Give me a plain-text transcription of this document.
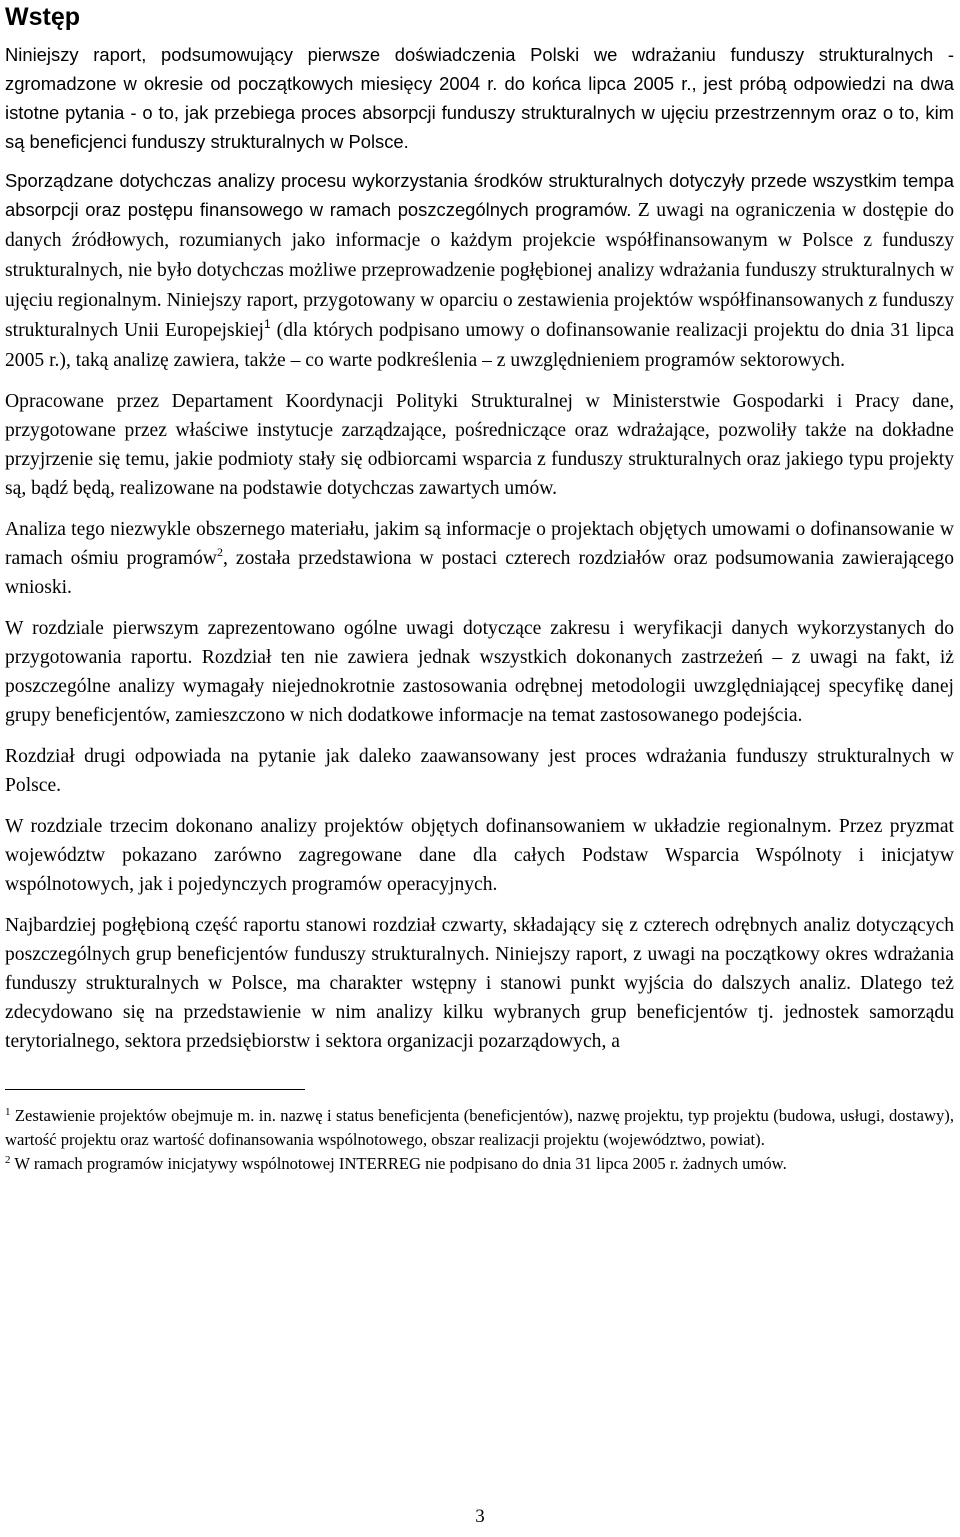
Wstęp

Niniejszy raport, podsumowujący pierwsze doświadczenia Polski we wdrażaniu funduszy strukturalnych - zgromadzone w okresie od początkowych miesięcy 2004 r. do końca lipca 2005 r., jest próbą odpowiedzi na dwa istotne pytania - o to, jak przebiega proces absorpcji funduszy strukturalnych w ujęciu przestrzennym oraz o to, kim są beneficjenci funduszy strukturalnych w Polsce.

Sporządzane dotychczas analizy procesu wykorzystania środków strukturalnych dotyczyły przede wszystkim tempa absorpcji oraz postępu finansowego w ramach poszczególnych programów. Z uwagi na ograniczenia w dostępie do danych źródłowych, rozumianych jako informacje o każdym projekcie współfinansowanym w Polsce z funduszy strukturalnych, nie było dotychczas możliwe przeprowadzenie pogłębionej analizy wdrażania funduszy strukturalnych w ujęciu regionalnym. Niniejszy raport, przygotowany w oparciu o zestawienia projektów współfinansowanych z funduszy strukturalnych Unii Europejskiej$^1$ (dla których podpisano umowy o dofinansowanie realizacji projektu do dnia 31 lipca 2005 r.), taką analizę zawiera, także – co warte podkreślenia – z uwzględnieniem programów sektorowych.

Opracowane przez Departament Koordynacji Polityki Strukturalnej w Ministerstwie Gospodarki i Pracy dane, przygotowane przez właściwe instytucje zarządzające, pośredniczące oraz wdrażające, pozwoliły także na dokładne przyjrzenie się temu, jakie podmioty stały się odbiorcami wsparcia z funduszy strukturalnych oraz jakiego typu projekty są, bądź będą, realizowane na podstawie dotychczas zawartych umów.

Analiza tego niezwykle obszernego materiału, jakim są informacje o projektach objętych umowami o dofinansowanie w ramach ośmiu programów$^2$, została przedstawiona w postaci czterech rozdziałów oraz podsumowania zawierającego wnioski.

W rozdziale pierwszym zaprezentowano ogólne uwagi dotyczące zakresu i weryfikacji danych wykorzystanych do przygotowania raportu. Rozdział ten nie zawiera jednak wszystkich dokonanych zastrzeżeń – z uwagi na fakt, iż poszczególne analizy wymagały niejednokrotnie zastosowania odrębnej metodologii uwzględniającej specyfikę danej grupy beneficjentów, zamieszczono w nich dodatkowe informacje na temat zastosowanego podejścia.

Rozdział drugi odpowiada na pytanie jak daleko zaawansowany jest proces wdrażania funduszy strukturalnych w Polsce.

W rozdziale trzecim dokonano analizy projektów objętych dofinansowaniem w układzie regionalnym. Przez pryzmat województw pokazano zarówno zagregowane dane dla całych Podstaw Wsparcia Wspólnoty i inicjatyw wspólnotowych, jak i pojedynczych programów operacyjnych.

Najbardziej pogłębioną część raportu stanowi rozdział czwarty, składający się z czterech odrębnych analiz dotyczących poszczególnych grup beneficjentów funduszy strukturalnych. Niniejszy raport, z uwagi na początkowy okres wdrażania funduszy strukturalnych w Polsce, ma charakter wstępny i stanowi punkt wyjścia do dalszych analiz. Dlatego też zdecydowano się na przedstawienie w nim analizy kilku wybranych grup beneficjentów tj. jednostek samorządu terytorialnego, sektora przedsiębiorstw i sektora organizacji pozarządowych, a

$^1$ Zestawienie projektów obejmuje m. in. nazwę i status beneficjenta (beneficjentów), nazwę projektu, typ projektu (budowa, usługi, dostawy), wartość projektu oraz wartość dofinansowania wspólnotowego, obszar realizacji projektu (województwo, powiat).

$^2$ W ramach programów inicjatywy wspólnotowej INTERREG nie podpisano do dnia 31 lipca 2005 r. żadnych umów.

3
